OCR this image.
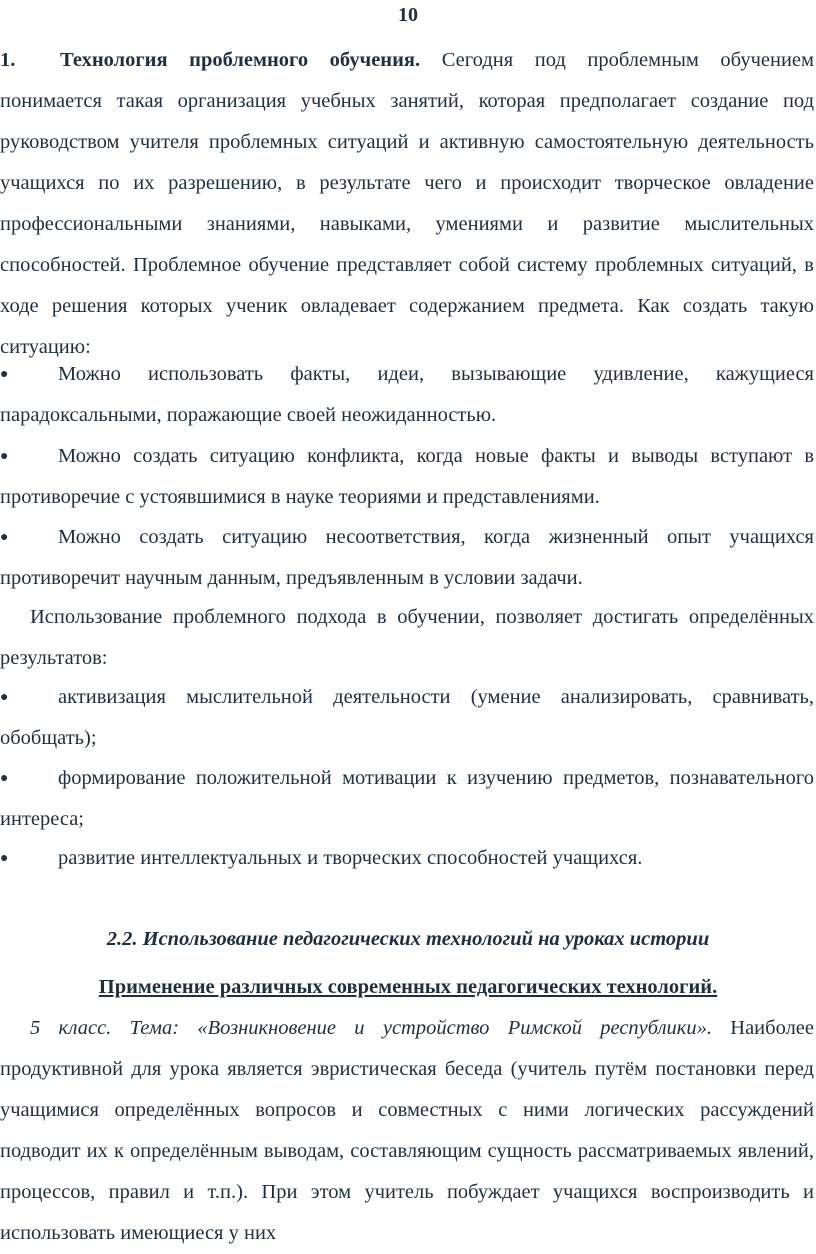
10

1. Технология проблемного обучения. Сегодня под проблемным обучением понимается такая организация учебных занятий, которая предполагает создание под руководством учителя проблемных ситуаций и активную самостоятельную деятельность учащихся по их разрешению, в результате чего и происходит творческое овладение профессиональными знаниями, навыками, умениями и развитие мыслительных способностей. Проблемное обучение представляет собой систему проблемных ситуаций, в ходе решения которых ученик овладевает содержанием предмета. Как создать такую ситуацию:

● Можно использовать факты, идеи, вызывающие удивление, кажущиеся парадоксальными, поражающие своей неожиданностью.

● Можно создать ситуацию конфликта, когда новые факты и выводы вступают в противоречие с устоявшимися в науке теориями и представлениями.

● Можно создать ситуацию несоответствия, когда жизненный опыт учащихся противоречит научным данным, предъявленным в условии задачи.

Использование проблемного подхода в обучении, позволяет достигать определённых результатов:

● активизация мыслительной деятельности (умение анализировать, сравнивать, обобщать);

● формирование положительной мотивации к изучению предметов, познавательного интереса;

● развитие интеллектуальных и творческих способностей учащихся.

2.2. Использование педагогических технологий на уроках истории

Применение различных современных педагогических технологий.

5 класс. Тема: «Возникновение и устройство Римской республики». Наиболее продуктивной для урока является эвристическая беседа (учитель путём постановки перед учащимися определённых вопросов и совместных с ними логических рассуждений подводит их к определённым выводам, составляющим сущность рассматриваемых явлений, процессов, правил и т.п.). При этом учитель побуждает учащихся воспроизводить и использовать имеющиеся у них
